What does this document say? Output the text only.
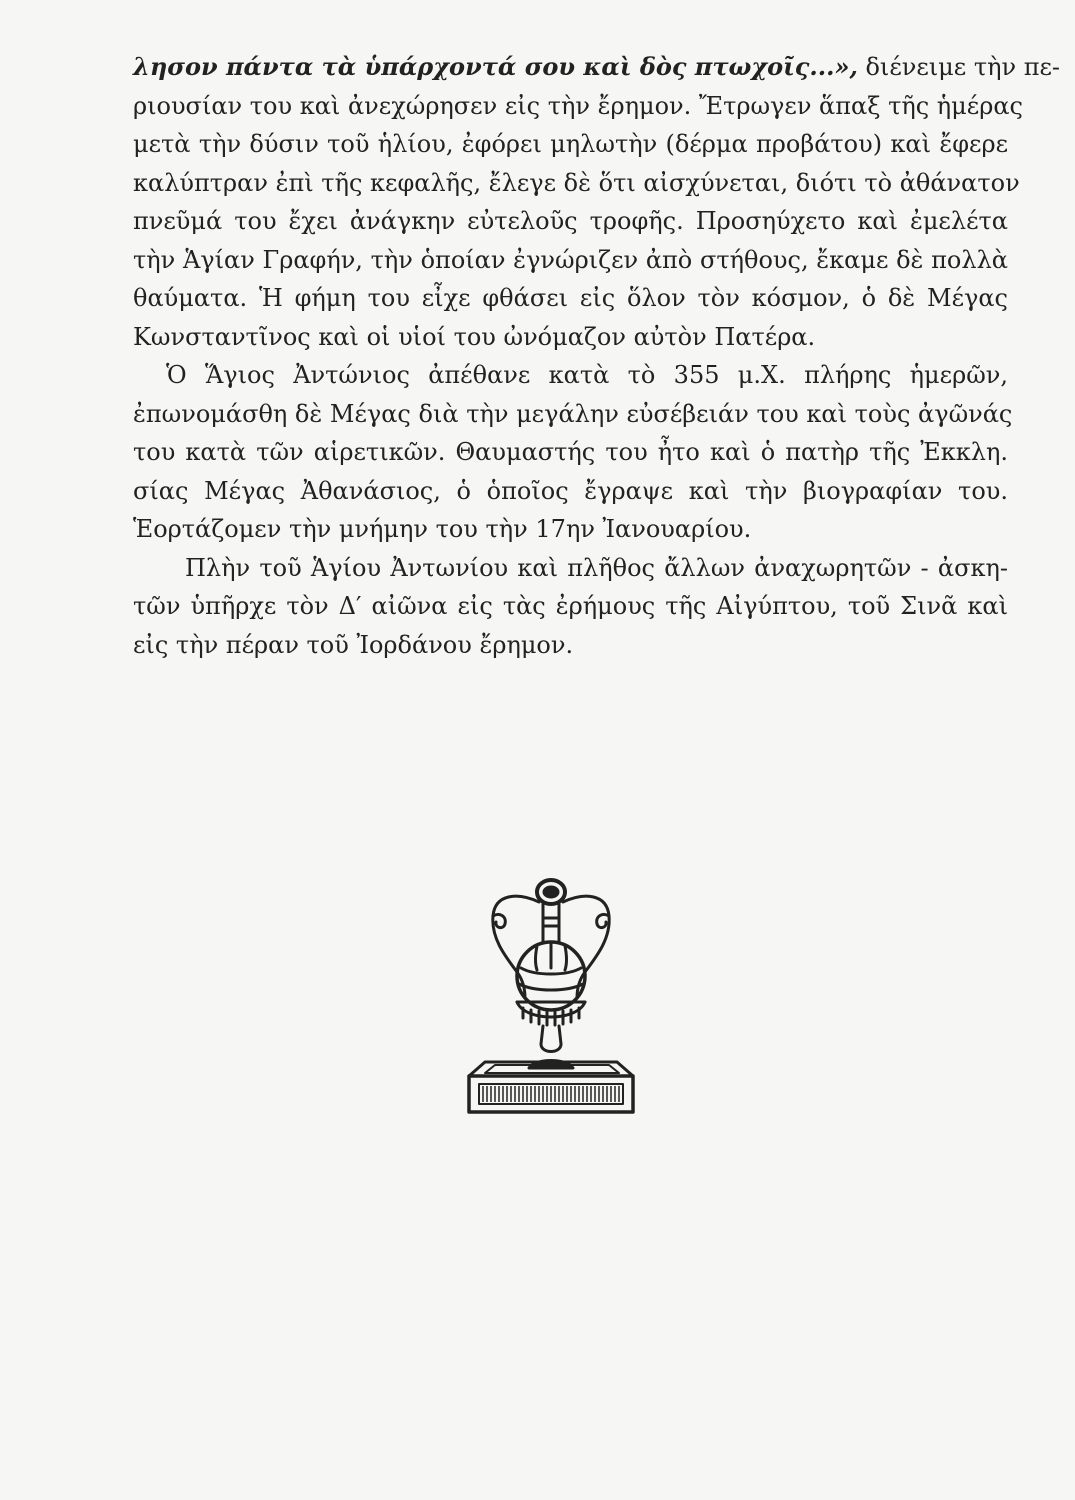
λησον πάντα τὰ ὑπάρχοντά σου καὶ δὸς πτωχοῖς...», διένειμε τὴν πε-
ριουσίαν του καὶ ἀνεχώρησεν εἰς τὴν ἔρημον. Ἔτρωγεν ἅπαξ τῆς ἡμέρας
μετὰ τὴν δύσιν τοῦ ἡλίου, ἐφόρει μηλωτὴν (δέρμα προβάτου) καὶ ἔφερε
καλύπτραν ἐπὶ τῆς κεφαλῆς, ἔλεγε δὲ ὅτι αἰσχύνεται, διότι τὸ ἀθάνατον
πνεῦμά του ἔχει ἀνάγκην εὐτελοῦς τροφῆς. Προσηύχετο καὶ ἐμελέτα
τὴν Ἁγίαν Γραφήν, τὴν ὁποίαν ἐγνώριζεν ἀπὸ στήθους, ἔκαμε δὲ πολλὰ
θαύματα. Ἡ φήμη του εἶχε φθάσει εἰς ὅλον τὸν κόσμον, ὁ δὲ Μέγας
Κωνσταντῖνος καὶ οἱ υἱοί του ὠνόμαζον αὐτὸν Πατέρα.
Ὁ Ἅγιος Ἀντώνιος ἀπέθανε κατὰ τὸ 355 μ.Χ. πλήρης ἡμερῶν,
ἐπωνομάσθη δὲ Μέγας διὰ τὴν μεγάλην εὐσέβειάν του καὶ τοὺς ἀγῶνάς
του κατὰ τῶν αἱρετικῶν. Θαυμαστής του ἦτο καὶ ὁ πατὴρ τῆς Ἐκκλη.
σίας Μέγας Ἀθανάσιος, ὁ ὁποῖος ἔγραψε καὶ τὴν βιογραφίαν του.
Ἑορτάζομεν τὴν μνήμην του τὴν 17ην Ἰανουαρίου.
Πλὴν τοῦ Ἁγίου Ἀντωνίου καὶ πλῆθος ἄλλων ἀναχωρητῶν - ἀσκη-
τῶν ὑπῆρχε τὸν Δ′ αἰῶνα εἰς τὰς ἐρήμους τῆς Αἰγύπτου, τοῦ Σινᾶ καὶ
εἰς τὴν πέραν τοῦ Ἰορδάνου ἔρημον.
